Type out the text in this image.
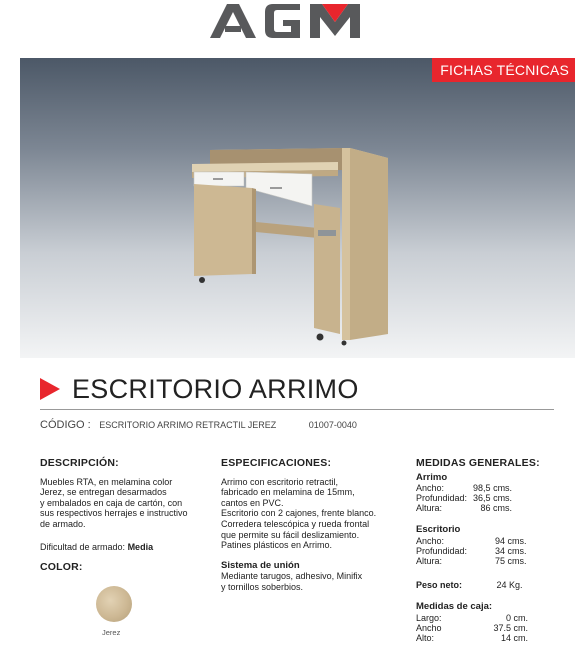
FICHAS TÉCNICAS
ESCRITORIO ARRIMO
CÓDIGO : ESCRITORIO ARRIMO RETRACTIL JEREZ	01007-0040
DESCRIPCIÓN:

Muebles RTA, en melamina color

Jerez, se entregan desarmados

y embalados en caja de cartón, con

sus respectivos herrajes e instructivo

de armado.

Dificultad de armado: Media

COLOR:
Jerez
ESPECIFICACIONES:

Arrimo con escritorio retractil,

fabricado en melamina de 15mm,

cantos en PVC.

Escritorio con 2 cajones, frente blanco.

Corredera telescópica y rueda frontal

que permite su fácil deslizamiento.

Patines plásticos en Arrimo.

Sistema de unión

Mediante tarugos, adhesivo, Minifix

y tornillos soberbios.

MEDIDAS GENERALES:
Arrimo
Ancho:	98,5 cms.
Profundidad:	36,5 cms.
Altura:	86 cms.
Escritorio
Ancho:	94 cms.
Profundidad:	34 cms.
Altura:	75 cms.
Peso neto:	24 Kg.
Medidas de caja:
Largo:	0 cm.
Ancho	37.5 cm.
Alto:	14 cm.
